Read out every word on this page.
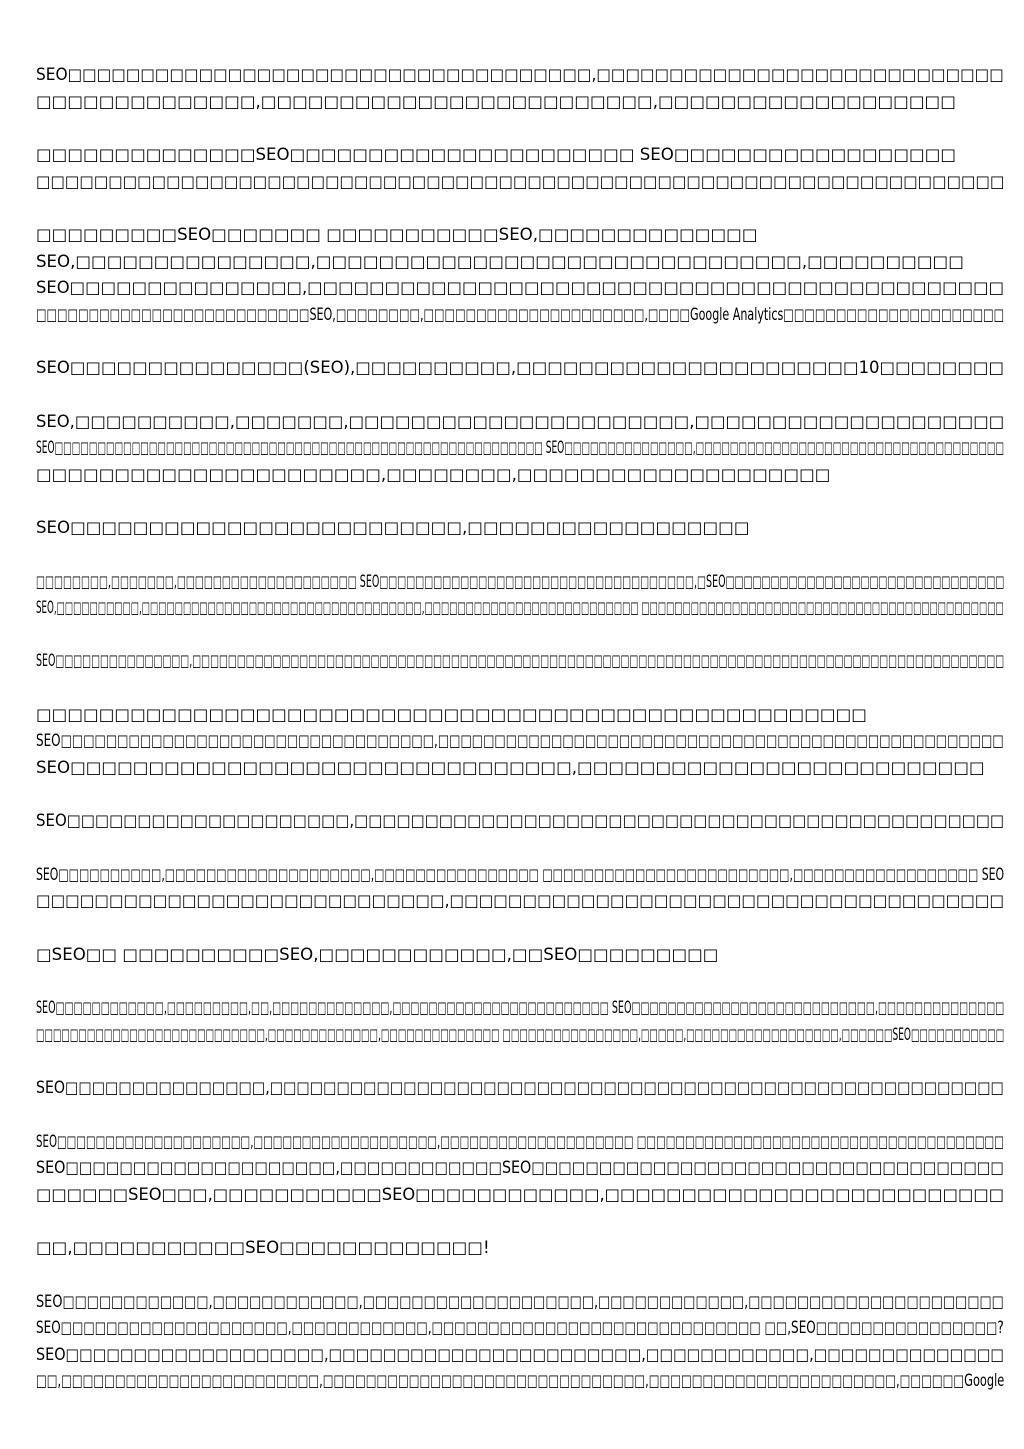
SEO□□□□□□□□□□□□□□□□□□□□□□□□□□□□□□□□□□□□,□□□□□□□□□□□□□□□□□□□□□□□□□□□□
□□□□□□□□□□□□□□,□□□□□□□□□□□□□□□□□□□□□□□□□,□□□□□□□□□□□□□□□□□□□
□□□□□□□□□□□□□□SEO□□□□□□□□□□□□□□□□□□□□□□ SEO□□□□□□□□□□□□□□□□□□
□□□□□□□□□□□□□□□□□□□□□□□□□□□□□□□□□□□□□□□□□□□□□□□□□□□□□□□□□□□□□□□□□□□
□□□□□□□□□SEO□□□□□□□ □□□□□□□□□□□SEO,□□□□□□□□□□□□□□
SEO,□□□□□□□□□□□□□□□,□□□□□□□□□□□□□□□□□□□□□□□□□□□□□□□,□□□□□□□□□□
SEO□□□□□□□□□□□□□□□,□□□□□□□□□□□□□□□□□□□□□□□□□□□□□□□□□□□□□□□□□□□□□
□□□□□□□□□□□□□□□□□□□□□□□□□□SEO,□□□□□□□□,□□□□□□□□□□□□□□□□□□□□□,□□□□Google Analytics□□□□□□□□□□□□□□□□□□□□□
SEO□□□□□□□□□□□□□□□(SEO),□□□□□□□□□□,□□□□□□□□□□□□□□□□□□□□□□10□□□□□□□□
SEO,□□□□□□□□□□,□□□□□□□,□□□□□□□□□□□□□□□□□□□□□□,□□□□□□□□□□□□□□□□□□□□
SEO□□□□□□□□□□□□□□□□□□□□□□□□□□□□□□□□□□□□□□□□□□□□□□□□□□□□□□□□□ SEO□□□□□□□□□□□□□□□,□□□□□□□□□□□□□□□□□□□□□□□□□□□□□□□□□□□□
□□□□□□□□□□□□□□□□□□□□□□,□□□□□□□□,□□□□□□□□□□□□□□□□□□□□
SEO□□□□□□□□□□□□□□□□□□□□□□□□□,□□□□□□□□□□□□□□□□□□
□□□□□□□□,□□□□□□□,□□□□□□□□□□□□□□□□□□□□ SEO□□□□□□□□□□□□□□□□□□□□□□□□□□□□□□□□□□□,□SEO□□□□□□□□□□□□□□□□□□□□□□□□□□□□□□□
SEO,□□□□□□□□□□,□□□□□□□□□□□□□□□□□□□□□□□□□□□□□□□□□□,□□□□□□□□□□□□□□□□□□□□□□□□□□ □□□□□□□□□□□□□□□□□□□□□□□□□□□□□□□□□□□□□□□□□□□□
SEO□□□□□□□□□□□□□□□,□□□□□□□□□□□□□□□□□□□□□□□□□□□□□□□□□□□□□□□□□□□□□□□□□□□□□□□□□□□□□□□□□□□□□□□□□□□□□□□□□□□□□□□□□□□
□□□□□□□□□□□□□□□□□□□□□□□□□□□□□□□□□□□□□□□□□□□□□□□□□□□□□
SEO□□□□□□□□□□□□□□□□□□□□□□□□□□□□□□□□□,□□□□□□□□□□□□□□□□□□□□□□□□□□□□□□□□□□□□□□□□□□□□□□□□□□
SEO□□□□□□□□□□□□□□□□□□□□□□□□□□□□□□□□,□□□□□□□□□□□□□□□□□□□□□□□□□□
SEO□□□□□□□□□□□□□□□□□□□□,□□□□□□□□□□□□□□□□□□□□□□□□□□□□□□□□□□□□□□□□□□□□□□
SEO□□□□□□□□□□,□□□□□□□□□□□□□□□□□□□□,□□□□□□□□□□□□□□□□ □□□□□□□□□□□□□□□□□□□□□□□□,□□□□□□□□□□□□□□□□□□ SEO
□□□□□□□□□□□□□□□□□□□□□□□□□□□□,□□□□□□□□□□□□□□□□□□□□□□□□□□□□□□□□□□□□□□
□SEO□□ □□□□□□□□□□SEO,□□□□□□□□□□□□,□□SEO□□□□□□□□□
SEO□□□□□□□□□□□□,□□□□□□□□□,□□,□□□□□□□□□□□□□,□□□□□□□□□□□□□□□□□□□□□□□□ SEO□□□□□□□□□□□□□□□□□□□□□□□□□□□,□□□□□□□□□□□□□□
□□□□□□□□□□□□□□□□□□□□□□□□□□□,□□□□□□□□□□□□□,□□□□□□□□□□□□□□ □□□□□□□□□□□□□□□□,□□□□□,□□□□□□□□□□□□□□□□□□,□□□□□□SEO□□□□□□□□□□□
SEO□□□□□□□□□□□□□□□,□□□□□□□□□□□□□□□□□□□□□□□□□□□□□□□□□□□□□□□□□□□□□□□□□□□□□□□
SEO□□□□□□□□□□□□□□□□□□□□,□□□□□□□□□□□□□□□□□□□,□□□□□□□□□□□□□□□□□□□□ □□□□□□□□□□□□□□□□□□□□□□□□□□□□□□□□□□□□□□
SEO□□□□□□□□□□□□□□□□□□□□,□□□□□□□□□□□□SEO□□□□□□□□□□□□□□□□□□□□□□□□□□□□□□□□□□□
□□□□□□SEO□□□,□□□□□□□□□□□SEO□□□□□□□□□□□□,□□□□□□□□□□□□□□□□□□□□□□□□□□
□□,□□□□□□□□□□□SEO□□□□□□□□□□□□□!
SEO□□□□□□□□□□□□,□□□□□□□□□□□□,□□□□□□□□□□□□□□□□□□□,□□□□□□□□□□□□,□□□□□□□□□□□□□□□□□□□□□
SEO□□□□□□□□□□□□□□□□□□□□,□□□□□□□□□□□□,□□□□□□□□□□□□□□□□□□□□□□□□□□□□□ □□,SEO□□□□□□□□□□□□□□□□?
SEO□□□□□□□□□□□□□□□□□□□,□□□□□□□□□□□□□□□□□□□□□□□,□□□□□□□□□□□□,□□□□□□□□□□□□□□
□□,□□□□□□□□□□□□□□□□□□□□□□□□,□□□□□□□□□□□□□□□□□□□□□□□□□□□□□□,□□□□□□□□□□□□□□□□□□□□□□□,□□□□□□Google
